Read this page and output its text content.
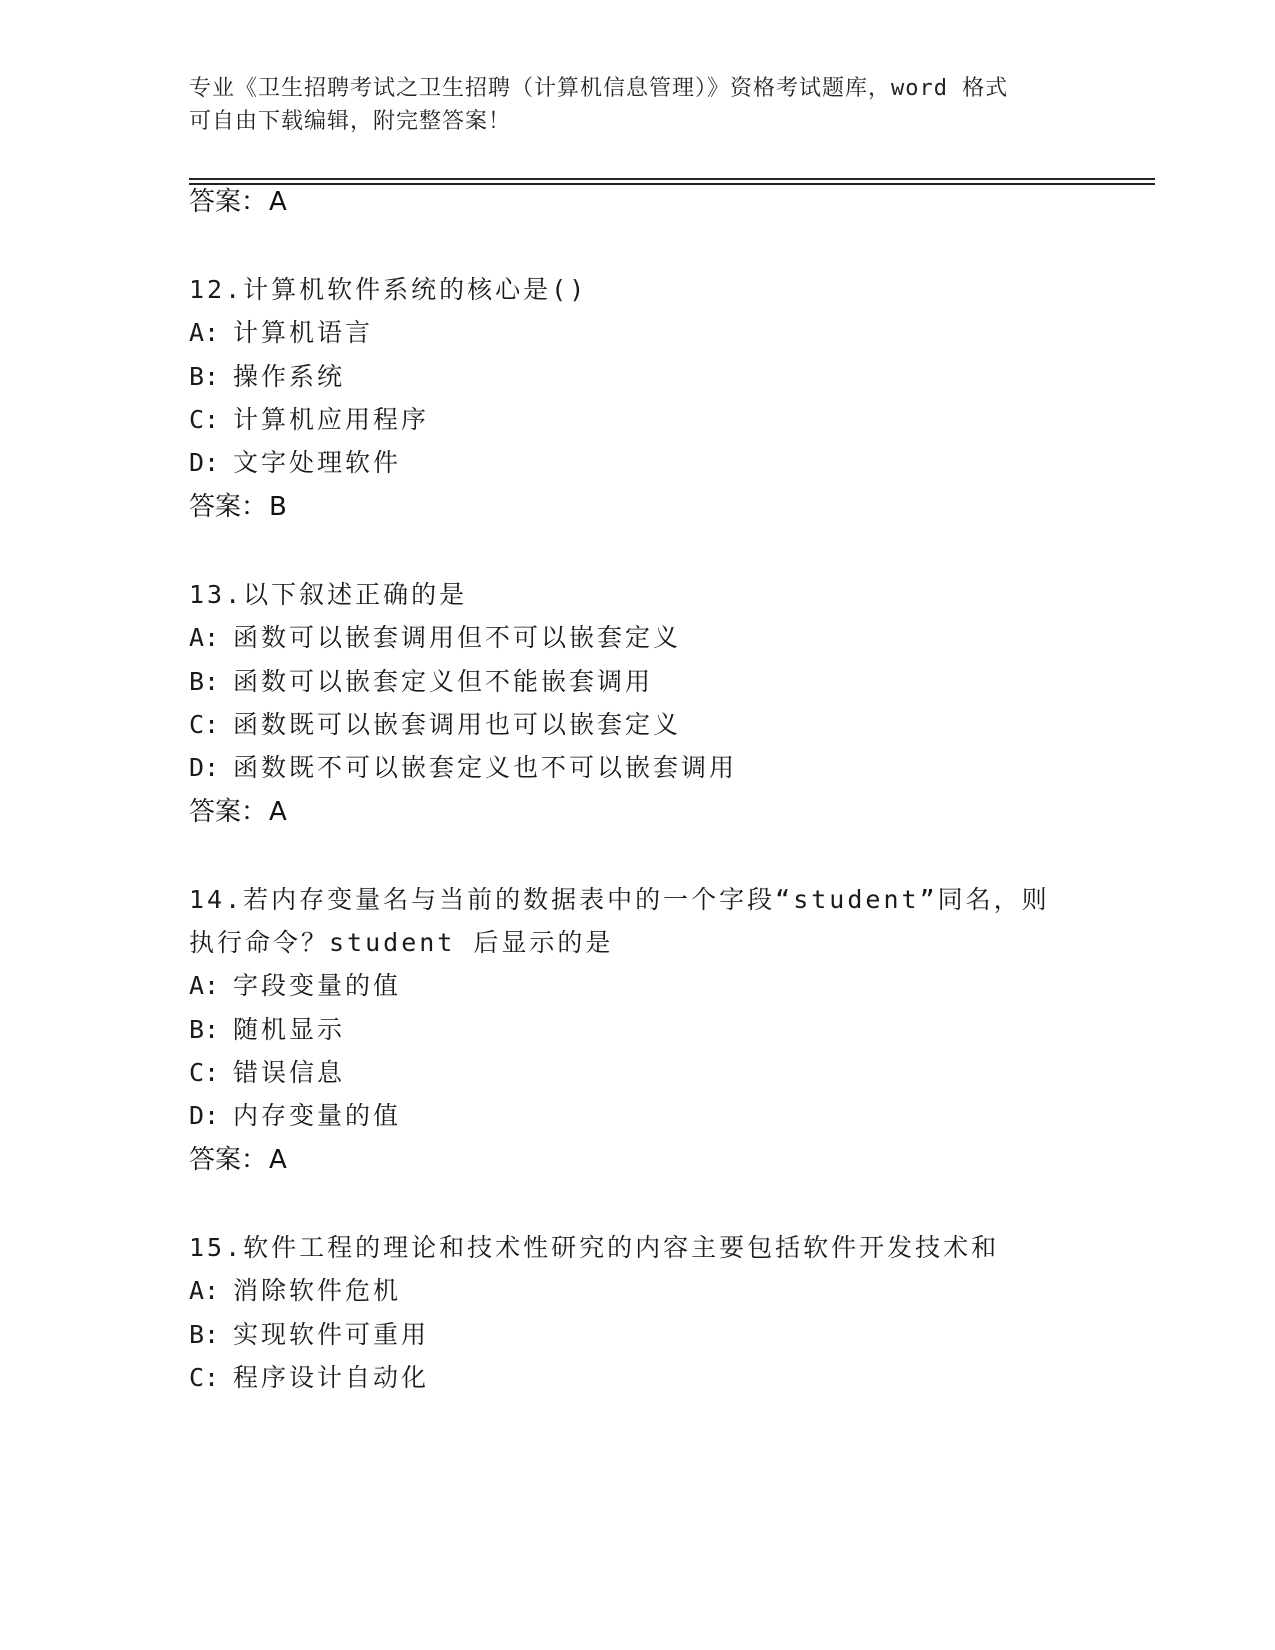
专业《卫生招聘考试之卫生招聘（计算机信息管理）》资格考试题库，word 格式
可自由下载编辑，附完整答案！
答案：A
12.计算机软件系统的核心是()
A: 计算机语言
B: 操作系统
C: 计算机应用程序
D: 文字处理软件
答案：B
13.以下叙述正确的是
A: 函数可以嵌套调用但不可以嵌套定义
B: 函数可以嵌套定义但不能嵌套调用
C: 函数既可以嵌套调用也可以嵌套定义
D: 函数既不可以嵌套定义也不可以嵌套调用
答案：A
14.若内存变量名与当前的数据表中的一个字段“student”同名，则
执行命令？student 后显示的是
A: 字段变量的值
B: 随机显示
C: 错误信息
D: 内存变量的值
答案：A
15.软件工程的理论和技术性研究的内容主要包括软件开发技术和
A: 消除软件危机
B: 实现软件可重用
C: 程序设计自动化
